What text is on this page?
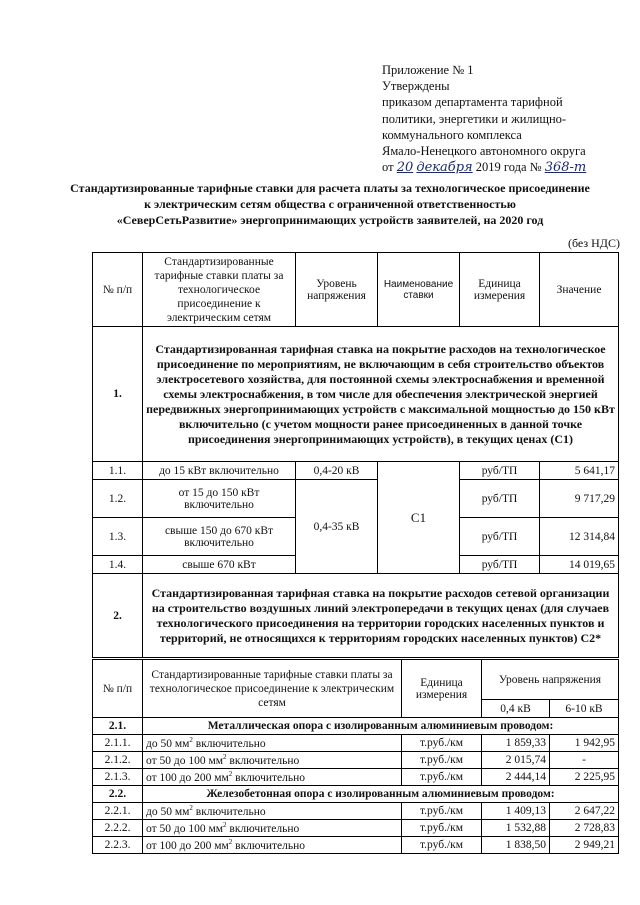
Приложение № 1
Утверждены
приказом департамента тарифной
политики, энергетики и жилищно-
коммунального комплекса
Ямало-Ненецкого автономного округа
от 20 декабря 2019 года № 368-т
Стандартизированные тарифные ставки для расчета платы за технологическое присоединение
к электрическим сетям общества с ограниченной ответственностью
«СеверСетьРазвитие» энергопринимающих устройств заявителей, на 2020 год
(без НДС)
№ п/п	Стандартизированные тарифные ставки платы за технологическое присоединение к электрическим сетям	Уровень напряжения	Наименование ставки	Единица измерения	Значение
1.	Стандартизированная тарифная ставка на покрытие расходов на технологическое присоединение по мероприятиям, не включающим в себя строительство объектов электросетевого хозяйства, для постоянной схемы электроснабжения и временной схемы электроснабжения, в том числе для обеспечения электрической энергией передвижных энергопринимающих устройств с максимальной мощностью до 150 кВт включительно (с учетом мощности ранее присоединенных в данной точке присоединения энергопринимающих устройств), в текущих ценах (С1)				
1.1.	до 15 кВт включительно	0,4-20 кВ	С1	руб/ТП	5 641,17
1.2.	от 15 до 150 кВт включительно	0,4-35 кВ		руб/ТП	9 717,29
1.3.	свыше 150 до 670 кВт включительно			руб/ТП	12 314,84
1.4.	свыше 670 кВт			руб/ТП	14 019,65
2.	Стандартизированная тарифная ставка на покрытие расходов сетевой организации на строительство воздушных линий электропередачи в текущих ценах (для случаев технологического присоединения на территории городских населенных пунктов и территорий, не относящихся к территориям городских населенных пунктов) С2*				
№ п/п	Стандартизированные тарифные ставки платы за технологическое присоединение к электрическим сетям	Единица измерения	Уровень напряжения	
			0,4 кВ	6-10 кВ
2.1.	Металлическая опора с изолированным алюминиевым проводом:			
2.1.1.	до 50 $мм^2$ включительно	т.руб./км	1 859,33	1 942,95
2.1.2.	от 50 до 100 $мм^2$ включительно	т.руб./км	2 015,74	-
2.1.3.	от 100 до 200 $мм^2$ включительно	т.руб./км	2 444,14	2 225,95
2.2.	Железобетонная опора с изолированным алюминиевым проводом:			
2.2.1.	до 50 $мм^2$ включительно	т.руб./км	1 409,13	2 647,22
2.2.2.	от 50 до 100 $мм^2$ включительно	т.руб./км	1 532,88	2 728,83
2.2.3.	от 100 до 200 $мм^2$ включительно	т.руб./км	1 838,50	2 949,21
